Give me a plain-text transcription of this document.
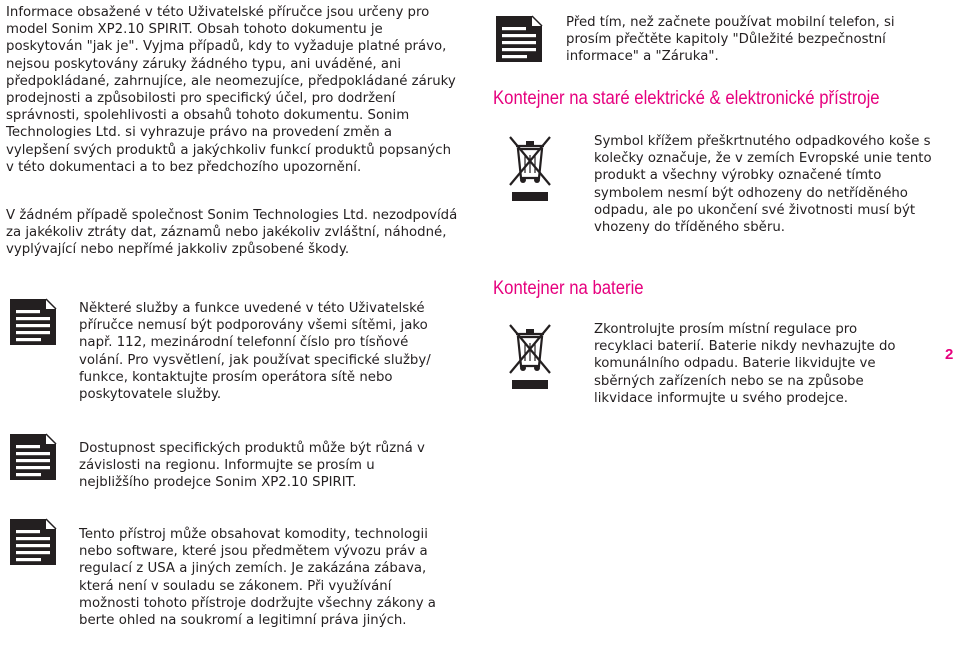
Informace obsažené v této Uživatelské příručce jsou určeny pro model Sonim XP2.10 SPIRIT. Obsah tohoto dokumentu je poskytován "jak je". Vyjma případů, kdy to vyžaduje platné právo, nejsou poskytovány záruky žádného typu, ani uváděné, ani předpokládané, zahrnujíce, ale neomezujíce, předpokládané záruky prodejnosti a způsobilosti pro specifický účel, pro dodržení správnosti, spolehlivosti a obsahů tohoto dokumentu. Sonim Technologies Ltd. si vyhrazuje právo na provedení změn a vylepšení svých produktů a jakýchkoliv funkcí produktů popsaných v této dokumentaci a to bez předchozího upozornění.

V žádném případě společnost Sonim Technologies Ltd. nezodpovídá za jakékoliv ztráty dat, záznamů nebo jakékoliv zvláštní, náhodné, vyplývající nebo nepřímé jakkoliv způsobené škody.

Některé služby a funkce uvedené v této Uživatelské příručce nemusí být podporovány všemi sítěmi, jako např. 112, mezinárodní telefonní číslo pro tísňové volání. Pro vysvětlení, jak používat specifické služby/ funkce, kontaktujte prosím operátora sítě nebo poskytovatele služby.

Dostupnost specifických produktů může být různá v závislosti na regionu. Informujte se prosím u nejbližšího prodejce Sonim XP2.10 SPIRIT.

Tento přístroj může obsahovat komodity, technologii nebo software, které jsou předmětem vývozu práv a regulací z USA a jiných zemích. Je zakázána zábava, která není v souladu se zákonem. Při využívání možnosti tohoto přístroje dodržujte všechny zákony a berte ohled na soukromí a legitimní práva jiných.

Před tím, než začnete používat mobilní telefon, si prosím přečtěte kapitoly "Důležité bezpečnostní informace" a "Záruka".

Kontejner na staré elektrické & elektronické přístroje

Symbol křížem přeškrtnutého odpadkového koše s kolečky označuje, že v zemích Evropské unie tento produkt a všechny výrobky označené tímto symbolem nesmí být odhozeny do netříděného odpadu, ale po ukončení své životnosti musí být vhozeny do tříděného sběru.

Kontejner na baterie

Zkontrolujte prosím místní regulace pro recyklaci baterií. Baterie nikdy nevhazujte do komunálního odpadu. Baterie likvidujte ve sběrných zařízeních nebo se na způsobe likvidace informujte u svého prodejce.

2
